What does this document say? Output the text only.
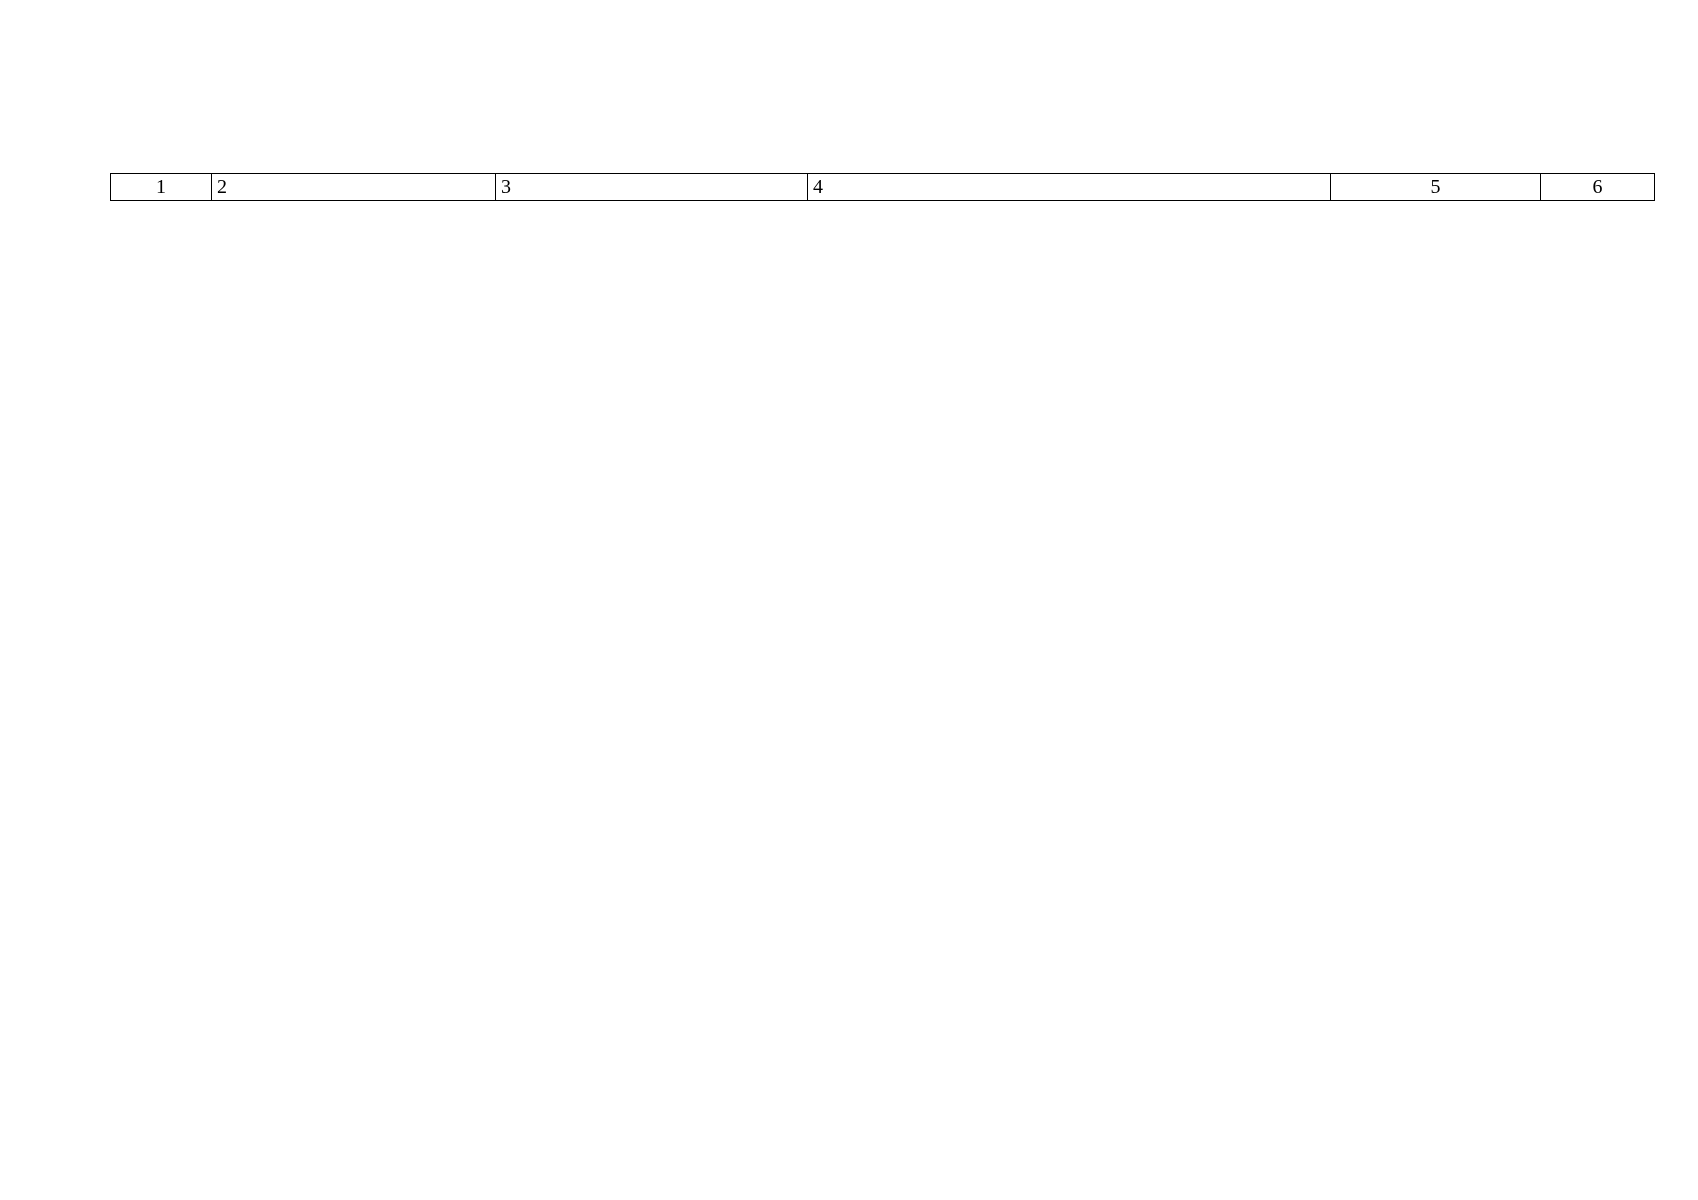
1	2	3	4	5	6
